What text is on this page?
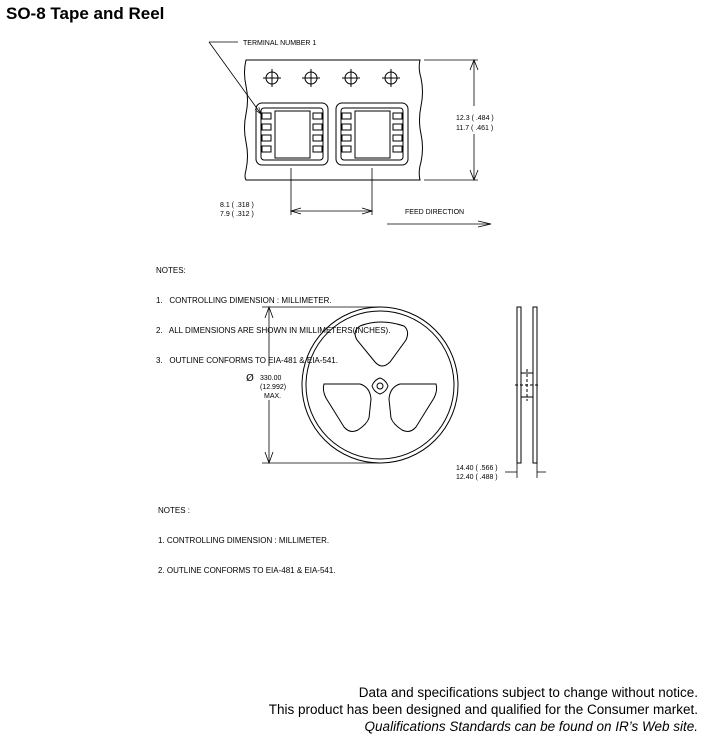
SO-8 Tape and Reel
TERMINAL NUMBER 1
12.3 ( .484 )
11.7 ( .461 )
8.1 ( .318 )
7.9 ( .312 )	FEED DIRECTION
Ø 330.00
(12.992)
MAX.
14.40 ( .566 )
12.40 ( .488 )

NOTES:

1.   CONTROLLING DIMENSION : MILLIMETER.

2.   ALL DIMENSIONS ARE SHOWN IN MILLIMETERS(INCHES).

3.   OUTLINE CONFORMS TO EIA-481 & EIA-541.

NOTES :

1. CONTROLLING DIMENSION : MILLIMETER.

2. OUTLINE CONFORMS TO EIA-481 & EIA-541.

Data and specifications subject to change without notice.
This product has been designed and qualified for the Consumer market.
Qualifications Standards can be found on IR’s Web site.
